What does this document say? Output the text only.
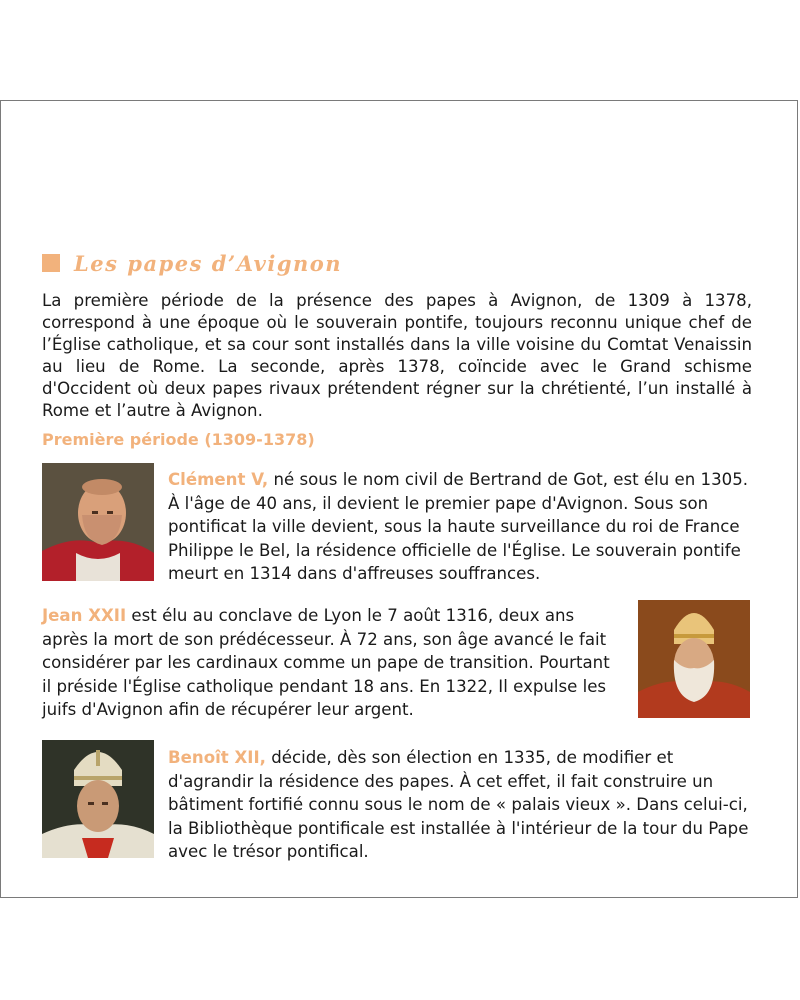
Les papes d’Avignon

La première période de la présence des papes à Avignon, de 1309 à 1378, correspond à une époque où le souverain pontife, toujours reconnu unique chef de l’Église catholique, et sa cour sont installés dans la ville voisine du Comtat Venaissin au lieu de Rome. La seconde, après 1378, coïncide avec le Grand schisme d'Occident où deux papes rivaux prétendent régner sur la chrétienté, l’un installé à Rome et l’autre à Avignon.

Première période (1309-1378)

Clément V, né sous le nom civil de Bertrand de Got, est élu en 1305. À l'âge de 40 ans, il devient le premier pape d'Avignon. Sous son pontificat la ville devient, sous la haute surveillance du roi de France Philippe le Bel, la résidence officielle de l'Église. Le souverain pontife meurt en 1314 dans d'affreuses souffrances.

Jean XXII est élu au conclave de Lyon le 7 août 1316, deux ans après la mort de son prédécesseur. À 72 ans, son âge avancé le fait considérer par les cardinaux comme un pape de transition. Pourtant il préside l'Église catholique pendant 18 ans. En 1322, Il expulse les juifs d'Avignon afin de récupérer leur argent.

Benoît XII, décide, dès son élection en 1335, de modifier et d'agrandir la résidence des papes. À cet effet, il fait construire un bâtiment fortifié connu sous le nom de « palais vieux ». Dans celui-ci, la Bibliothèque pontificale est installée à l'intérieur de la tour du Pape avec le trésor pontifical.
